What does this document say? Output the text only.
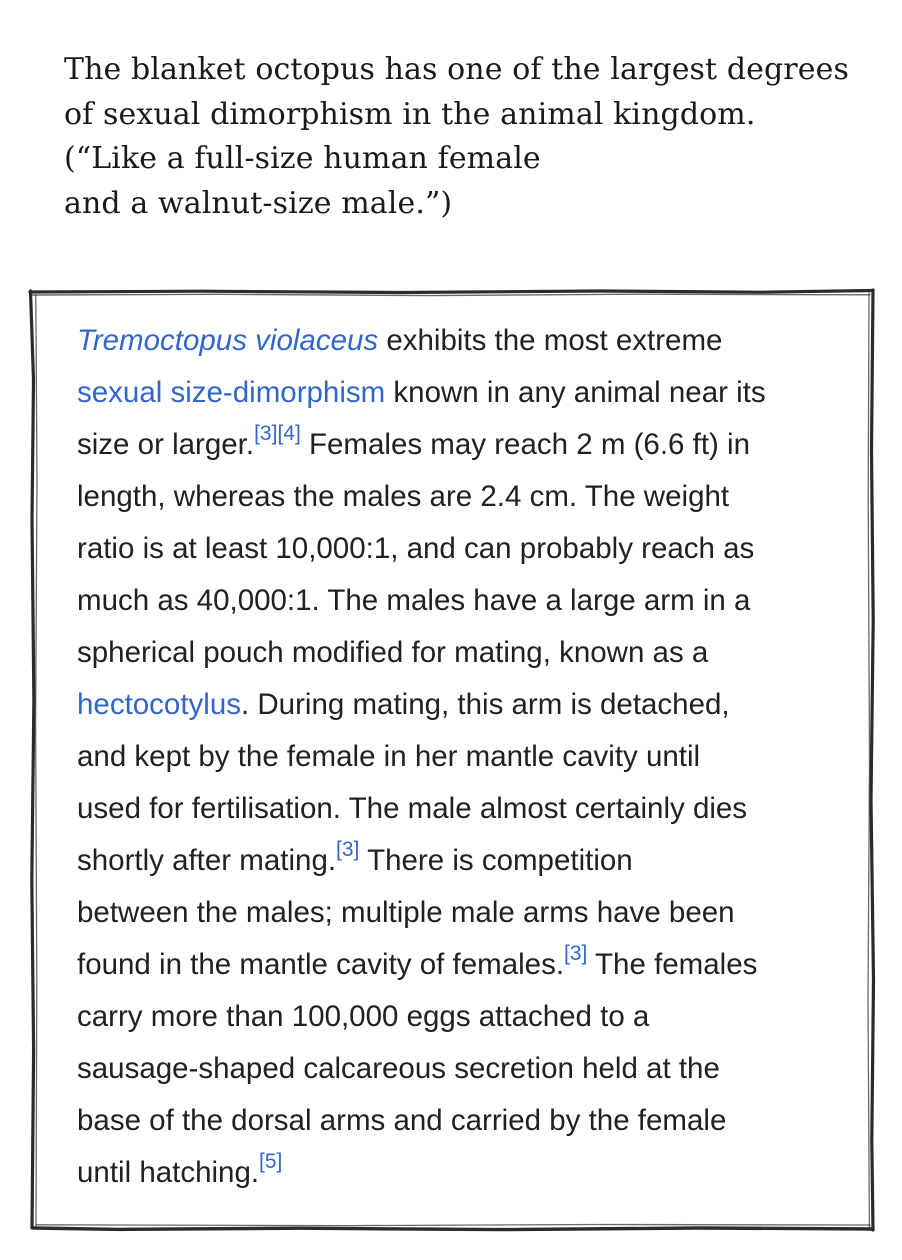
The blanket octopus has one of the largest degrees
of sexual dimorphism in the animal kingdom.
(“Like a full-size human female
and a walnut-size male.”)
Tremoctopus violaceus exhibits the most extreme
sexual size-dimorphism known in any animal near its
size or larger.[3][4] Females may reach 2 m (6.6 ft) in
length, whereas the males are 2.4 cm. The weight
ratio is at least 10,000:1, and can probably reach as
much as 40,000:1. The males have a large arm in a
spherical pouch modified for mating, known as a
hectocotylus. During mating, this arm is detached,
and kept by the female in her mantle cavity until
used for fertilisation. The male almost certainly dies
shortly after mating.[3] There is competition
between the males; multiple male arms have been
found in the mantle cavity of females.[3] The females
carry more than 100,000 eggs attached to a
sausage-shaped calcareous secretion held at the
base of the dorsal arms and carried by the female
until hatching.[5]
